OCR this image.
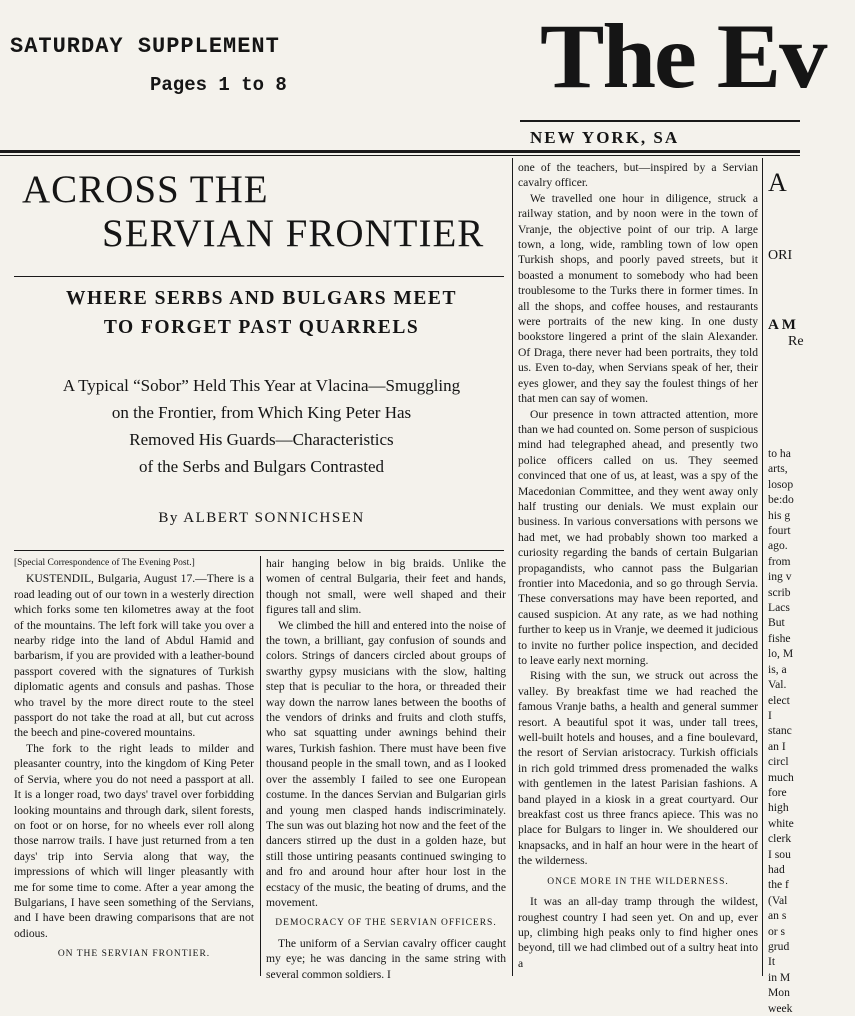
SATURDAY SUPPLEMENT
Pages 1 to 8	The Ev
NEW YORK, SA
ACROSS THE
SERVIAN FRONTIER
WHERE SERBS AND BULGARS MEET
TO FORGET PAST QUARRELS
A Typical “Sobor” Held This Year at Vlacina—Smuggling
on the Frontier, from Which King Peter Has
Removed His Guards—Characteristics
of the Serbs and Bulgars Contrasted
By ALBERT SONNICHSEN

[Special Correspondence of The Evening Post.]

KUSTENDIL, Bulgaria, August 17.—There is a road leading out of our town in a westerly direction which forks some ten kilometres away at the foot of the mountains. The left fork will take you over a nearby ridge into the land of Abdul Hamid and barbarism, if you are provided with a leather-bound passport covered with the signatures of Turkish diplomatic agents and consuls and pashas. Those who travel by the more direct route to the steel passport do not take the road at all, but cut across the beech and pine-covered mountains.

The fork to the right leads to milder and pleasanter country, into the kingdom of King Peter of Servia, where you do not need a passport at all. It is a longer road, two days' travel over forbidding looking mountains and through dark, silent forests, on foot or on horse, for no wheels ever roll along those narrow trails. I have just returned from a ten days' trip into Servia along that way, the impressions of which will linger pleasantly with me for some time to come. After a year among the Bulgarians, I have seen something of the Servians, and I have been drawing comparisons that are not odious.

ON THE SERVIAN FRONTIER.

hair hanging below in big braids. Unlike the women of central Bulgaria, their feet and hands, though not small, were well shaped and their figures tall and slim.

We climbed the hill and entered into the noise of the town, a brilliant, gay confusion of sounds and colors. Strings of dancers circled about groups of swarthy gypsy musicians with the slow, halting step that is peculiar to the hora, or threaded their way down the narrow lanes between the booths of the vendors of drinks and fruits and cloth stuffs, who sat squatting under awnings behind their wares, Turkish fashion. There must have been five thousand people in the small town, and as I looked over the assembly I failed to see one European costume. In the dances Servian and Bulgarian girls and young men clasped hands indiscriminately. The sun was out blazing hot now and the feet of the dancers stirred up the dust in a golden haze, but still those untiring peasants continued swinging to and fro and around hour after hour lost in the ecstacy of the music, the beating of drums, and the movement.

DEMOCRACY OF THE SERVIAN OFFICERS.

The uniform of a Servian cavalry officer caught my eye; he was dancing in the same string with several common soldiers. I

one of the teachers, but—inspired by a Servian cavalry officer.

We travelled one hour in diligence, struck a railway station, and by noon were in the town of Vranje, the objective point of our trip. A large town, a long, wide, rambling town of low open Turkish shops, and poorly paved streets, but it boasted a monument to somebody who had been troublesome to the Turks there in former times. In all the shops, and coffee houses, and restaurants were portraits of the new king. In one dusty bookstore lingered a print of the slain Alexander. Of Draga, there never had been portraits, they told us. Even to-day, when Servians speak of her, their eyes glower, and they say the foulest things of her that men can say of women.

Our presence in town attracted attention, more than we had counted on. Some person of suspicious mind had telegraphed ahead, and presently two police officers called on us. They seemed convinced that one of us, at least, was a spy of the Macedonian Committee, and they went away only half trusting our denials. We must explain our business. In various conversations with persons we had met, we had probably shown too marked a curiosity regarding the bands of certain Bulgarian propagandists, who cannot pass the Bulgarian frontier into Macedonia, and so go through Servia. These conversations may have been reported, and caused suspicion. At any rate, as we had nothing further to keep us in Vranje, we deemed it judicious to invite no further police inspection, and decided to leave early next morning.

Rising with the sun, we struck out across the valley. By breakfast time we had reached the famous Vranje baths, a health and general summer resort. A beautiful spot it was, under tall trees, well-built hotels and houses, and a fine boulevard, the resort of Servian aristocracy. Turkish officials in rich gold trimmed dress promenaded the walks with gentlemen in the latest Parisian fashions. A band played in a kiosk in a great courtyard. Our breakfast cost us three francs apiece. This was no place for Bulgars to linger in. We shouldered our knapsacks, and in half an hour were in the heart of the wilderness.

ONCE MORE IN THE WILDERNESS.

It was an all-day tramp through the wildest, roughest country I had seen yet. On and up, ever up, climbing high peaks only to find higher ones beyond, till we had climbed out of a sultry heat into a

A
ORI
A M
Re
to ha
arts,
losop
be:do
his g
fourt
ago.
from
ing v
scrib
Lacs
But
fishe
lo, M
is, a
Val.
elect
I
stanc
an I
circl
much
fore
high
white
clerk
I sou
had
the f
(Val
an s
or s
grud
It
in M
Mon
week
